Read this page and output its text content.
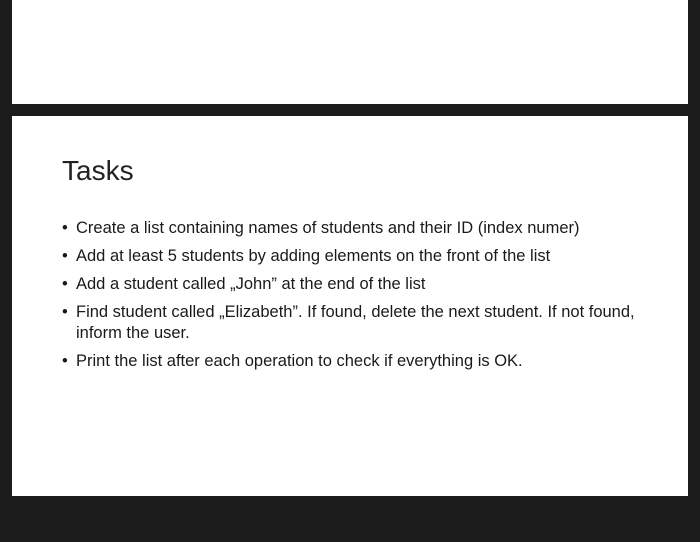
Tasks
• Create a list containing names of students and their ID (index numer)
• Add at least 5 students by adding elements on the front of the list
• Add a student called „John” at the end of the list
• Find student called „Elizabeth”. If found, delete the next student. If not found, inform the user.
• Print the list after each operation to check if everything is OK.
